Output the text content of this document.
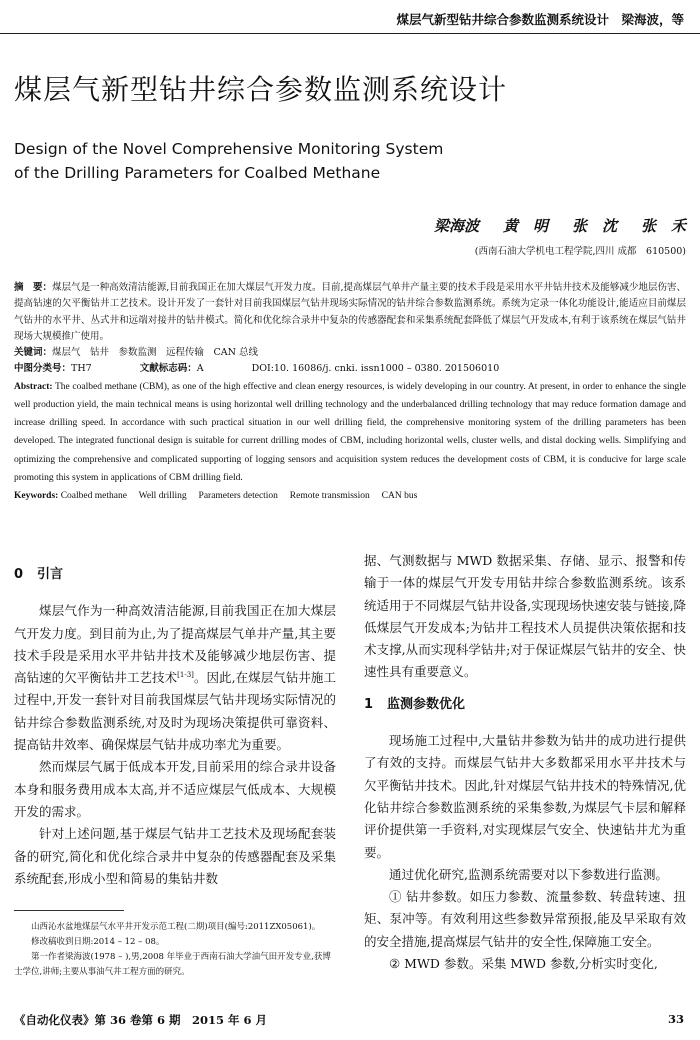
煤层气新型钻井综合参数监测系统设计　梁海波，等
煤层气新型钻井综合参数监测系统设计
Design of the Novel Comprehensive Monitoring System
of the Drilling Parameters for Coalbed Methane
梁海波 黄　明 张　沈 张　禾
(西南石油大学机电工程学院,四川 成都　610500)

摘　要：煤层气是一种高效清洁能源,目前我国正在加大煤层气开发力度。目前,提高煤层气单井产量主要的技术手段是采用水平井钻井技术及能够减少地层伤害、提高钻速的欠平衡钻井工艺技术。设计开发了一套针对目前我国煤层气钻井现场实际情况的钻井综合参数监测系统。系统为定录一体化功能设计,能适应目前煤层气钻井的水平井、丛式井和远端对接井的钻井模式。简化和优化综合录井中复杂的传感器配套和采集系统配套降低了煤层气开发成本,有利于该系统在煤层气钻井现场大规模推广使用。

关键词：煤层气　钻井　参数监测　远程传输　CAN 总线

中图分类号：TH7	文献标志码：A	DOI:10. 16086/j. cnki. issn1000 – 0380. 201506010

Abstract: The coalbed methane (CBM), as one of the high effective and clean energy resources, is widely developing in our country. At present, in order to enhance the single well production yield, the main technical means is using horizontal well drilling technology and the underbalanced drilling technology that may reduce formation damage and increase drilling speed. In accordance with such practical situation in our well drilling field, the comprehensive monitoring system of the drilling parameters has been developed. The integrated functional design is suitable for current drilling modes of CBM, including horizontal wells, cluster wells, and distal docking wells. Simplifying and optimizing the comprehensive and complicated supporting of logging sensors and acquisition system reduces the development costs of CBM, it is conducive for large scale promoting this system in applications of CBM drilling field.

Keywords: Coalbed methane　 Well drilling　 Parameters detection　 Remote transmission　 CAN bus

0 引言

煤层气作为一种高效清洁能源,目前我国正在加大煤层气开发力度。到目前为止,为了提高煤层气单井产量,其主要技术手段是采用水平井钻井技术及能够减少地层伤害、提高钻速的欠平衡钻井工艺技术[1-3]。因此,在煤层气钻井施工过程中,开发一套针对目前我国煤层气钻井现场实际情况的钻井综合参数监测系统,对及时为现场决策提供可靠资料、提高钻井效率、确保煤层气钻井成功率尤为重要。

然而煤层气属于低成本开发,目前采用的综合录井设备本身和服务费用成本太高,并不适应煤层气低成本、大规模开发的需求。

针对上述问题,基于煤层气钻井工艺技术及现场配套装备的研究,简化和优化综合录井中复杂的传感器配套及采集系统配套,形成小型和简易的集钻井数

据、气测数据与 MWD 数据采集、存储、显示、报警和传输于一体的煤层气开发专用钻井综合参数监测系统。该系统适用于不同煤层气钻井设备,实现现场快速安装与链接,降低煤层气开发成本;为钻井工程技术人员提供决策依据和技术支撑,从而实现科学钻井;对于保证煤层气钻井的安全、快速性具有重要意义。

1 监测参数优化

现场施工过程中,大量钻井参数为钻井的成功进行提供了有效的支持。而煤层气钻井大多数都采用水平井技术与欠平衡钻井技术。因此,针对煤层气钻井技术的特殊情况,优化钻井综合参数监测系统的采集参数,为煤层气卡层和解释评价提供第一手资料,对实现煤层气安全、快速钻井尤为重要。

通过优化研究,监测系统需要对以下参数进行监测。

① 钻井参数。如压力参数、流量参数、转盘转速、扭矩、泵冲等。有效利用这些参数异常预报,能及早采取有效的安全措施,提高煤层气钻井的安全性,保障施工安全。

② MWD 参数。采集 MWD 参数,分析实时变化,

山西沁水盆地煤层气水平井开发示范工程(二期)项目(编号:2011ZX05061)。

修改稿收到日期:2014 – 12 – 08。

第一作者梁海波(1978 – ),男,2008 年毕业于西南石油大学油气田开发专业,获博士学位,讲师;主要从事油气井工程方面的研究。

《自动化仪表》第 36 卷第 6 期　2015 年 6 月	33
